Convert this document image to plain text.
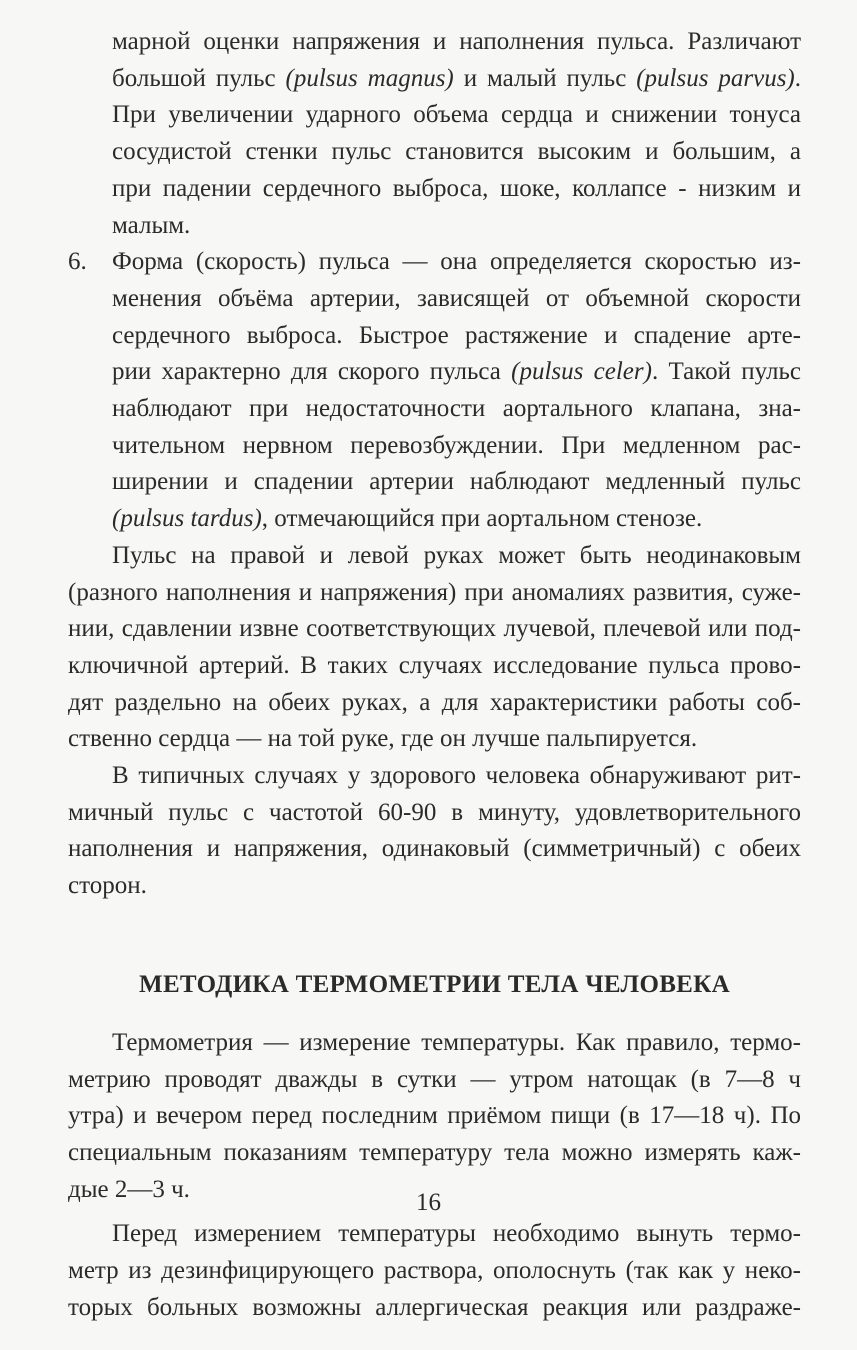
марной оценки напряжения и наполнения пульса. Различают

большой пульс (pulsus magnus) и малый пульс (pulsus parvus).

При увеличении ударного объема сердца и снижении тонуса

сосудистой стенки пульс становится высоким и большим, а

при падении сердечного выброса, шоке, коллапсе - низким и

малым.

6. Форма (скорость) пульса — она определяется скоростью из-

менения объёма артерии, зависящей от объемной скорости

сердечного выброса. Быстрое растяжение и спадение арте-

рии характерно для скорого пульса (pulsus celer). Такой пульс

наблюдают при недостаточности аортального клапана, зна-

чительном нервном перевозбуждении. При медленном рас-

ширении и спадении артерии наблюдают медленный пульс

(pulsus tardus), отмечающийся при аортальном стенозе.

Пульс на правой и левой руках может быть неодинаковым

(разного наполнения и напряжения) при аномалиях развития, суже-

нии, сдавлении извне соответствующих лучевой, плечевой или под-

ключичной артерий. В таких случаях исследование пульса прово-

дят раздельно на обеих руках, а для характеристики работы соб-

ственно сердца — на той руке, где он лучше пальпируется.

В типичных случаях у здорового человека обнаруживают рит-

мичный пульс с частотой 60-90 в минуту, удовлетворительного

наполнения и напряжения, одинаковый (симметричный) с обеих

сторон.

МЕТОДИКА ТЕРМОМЕТРИИ ТЕЛА ЧЕЛОВЕКА

Термометрия — измерение температуры. Как правило, термо-

метрию проводят дважды в сутки — утром натощак (в 7—8 ч

утра) и вечером перед последним приёмом пищи (в 17—18 ч). По

специальным показаниям температуру тела можно измерять каж-

дые 2—3 ч.

Перед измерением температуры необходимо вынуть термо-

метр из дезинфицирующего раствора, ополоснуть (так как у неко-

торых больных возможны аллергическая реакция или раздраже-

16
